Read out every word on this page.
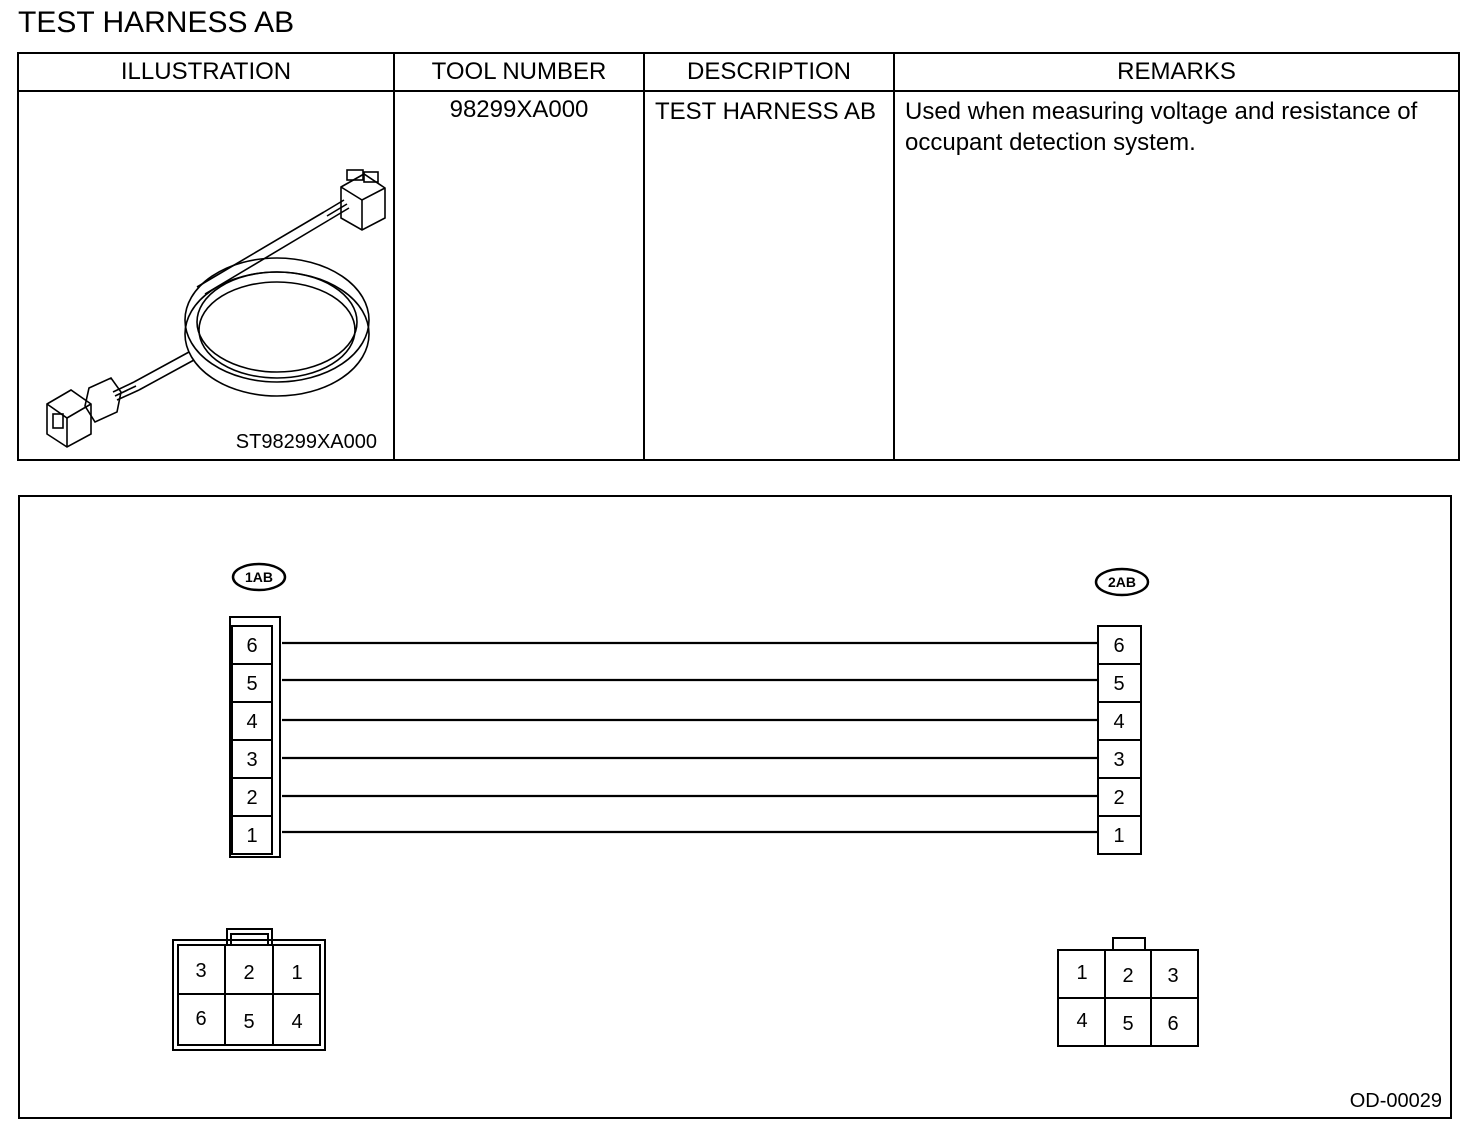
TEST HARNESS AB
ILLUSTRATION	TOOL NUMBER	DESCRIPTION	REMARKS

ST98299XA000	98299XA000	TEST HARNESS AB	Used when measuring voltage and resistance of occupant detection system.
1AB	2AB
6
5
4
3
2
1
6
5
4
3
2
1
3 2 1
6 5 4
1 2 3
4 5 6
OD-00029
